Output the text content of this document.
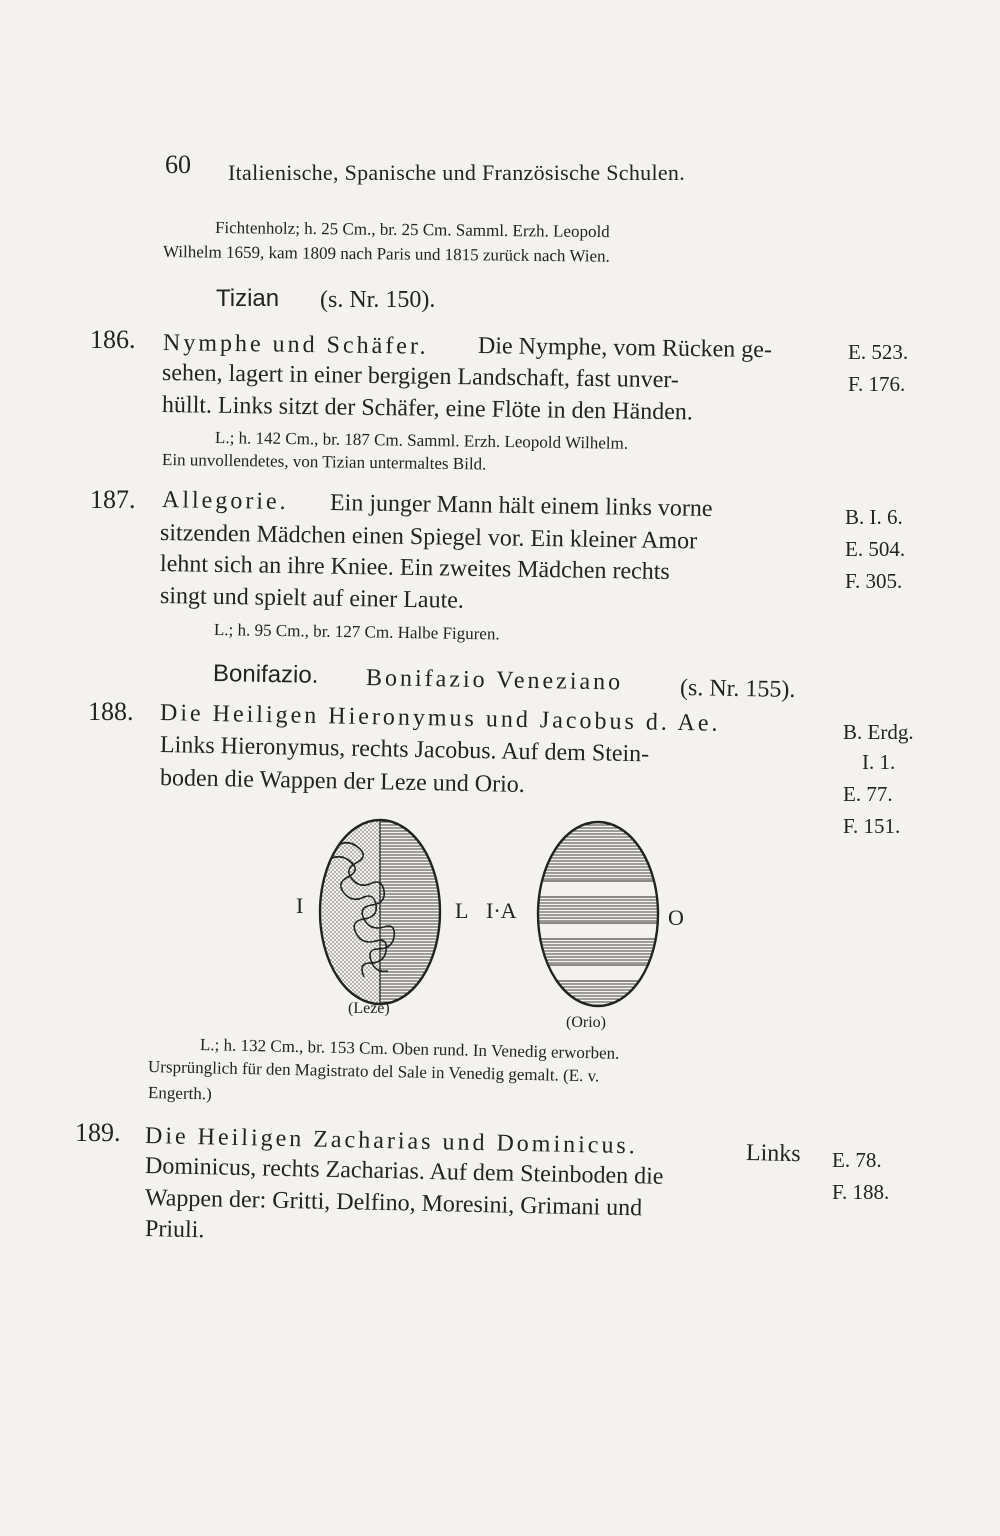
60 Italienische, Spanische und Französische Schulen.
Fichtenholz; h. 25 Cm., br. 25 Cm. Samml. Erzh. Leopold
Wilhelm 1659, kam 1809 nach Paris und 1815 zurück nach Wien.
Tizian (s. Nr. 150).
186. Nymphe und Schäfer. Die Nymphe, vom Rücken ge-
sehen, lagert in einer bergigen Landschaft, fast unver-
hüllt. Links sitzt der Schäfer, eine Flöte in den Händen.
L.; h. 142 Cm., br. 187 Cm. Samml. Erzh. Leopold Wilhelm.
Ein unvollendetes, von Tizian untermaltes Bild.
E. 523.
F. 176.
187. Allegorie. Ein junger Mann hält einem links vorne
sitzenden Mädchen einen Spiegel vor. Ein kleiner Amor
lehnt sich an ihre Kniee. Ein zweites Mädchen rechts
singt und spielt auf einer Laute.
L.; h. 95 Cm., br. 127 Cm. Halbe Figuren.
B. I. 6.
E. 504.
F. 305.
Bonifazio. Bonifazio Veneziano (s. Nr. 155).
188. Die Heiligen Hieronymus und Jacobus d. Ae.
Links Hieronymus, rechts Jacobus. Auf dem Stein-
boden die Wappen der Leze und Orio.
B. Erdg.
I. 1.
E. 77.
F. 151.
I	L I·A	O
(Leze)
(Orio)
L.; h. 132 Cm., br. 153 Cm. Oben rund. In Venedig erworben.
Ursprünglich für den Magistrato del Sale in Venedig gemalt. (E. v.
Engerth.)
189. Die Heiligen Zacharias und Dominicus.	Links
Dominicus, rechts Zacharias. Auf dem Steinboden die
Wappen der: Gritti, Delfino, Moresini, Grimani und
Priuli.
E. 78.
F. 188.
